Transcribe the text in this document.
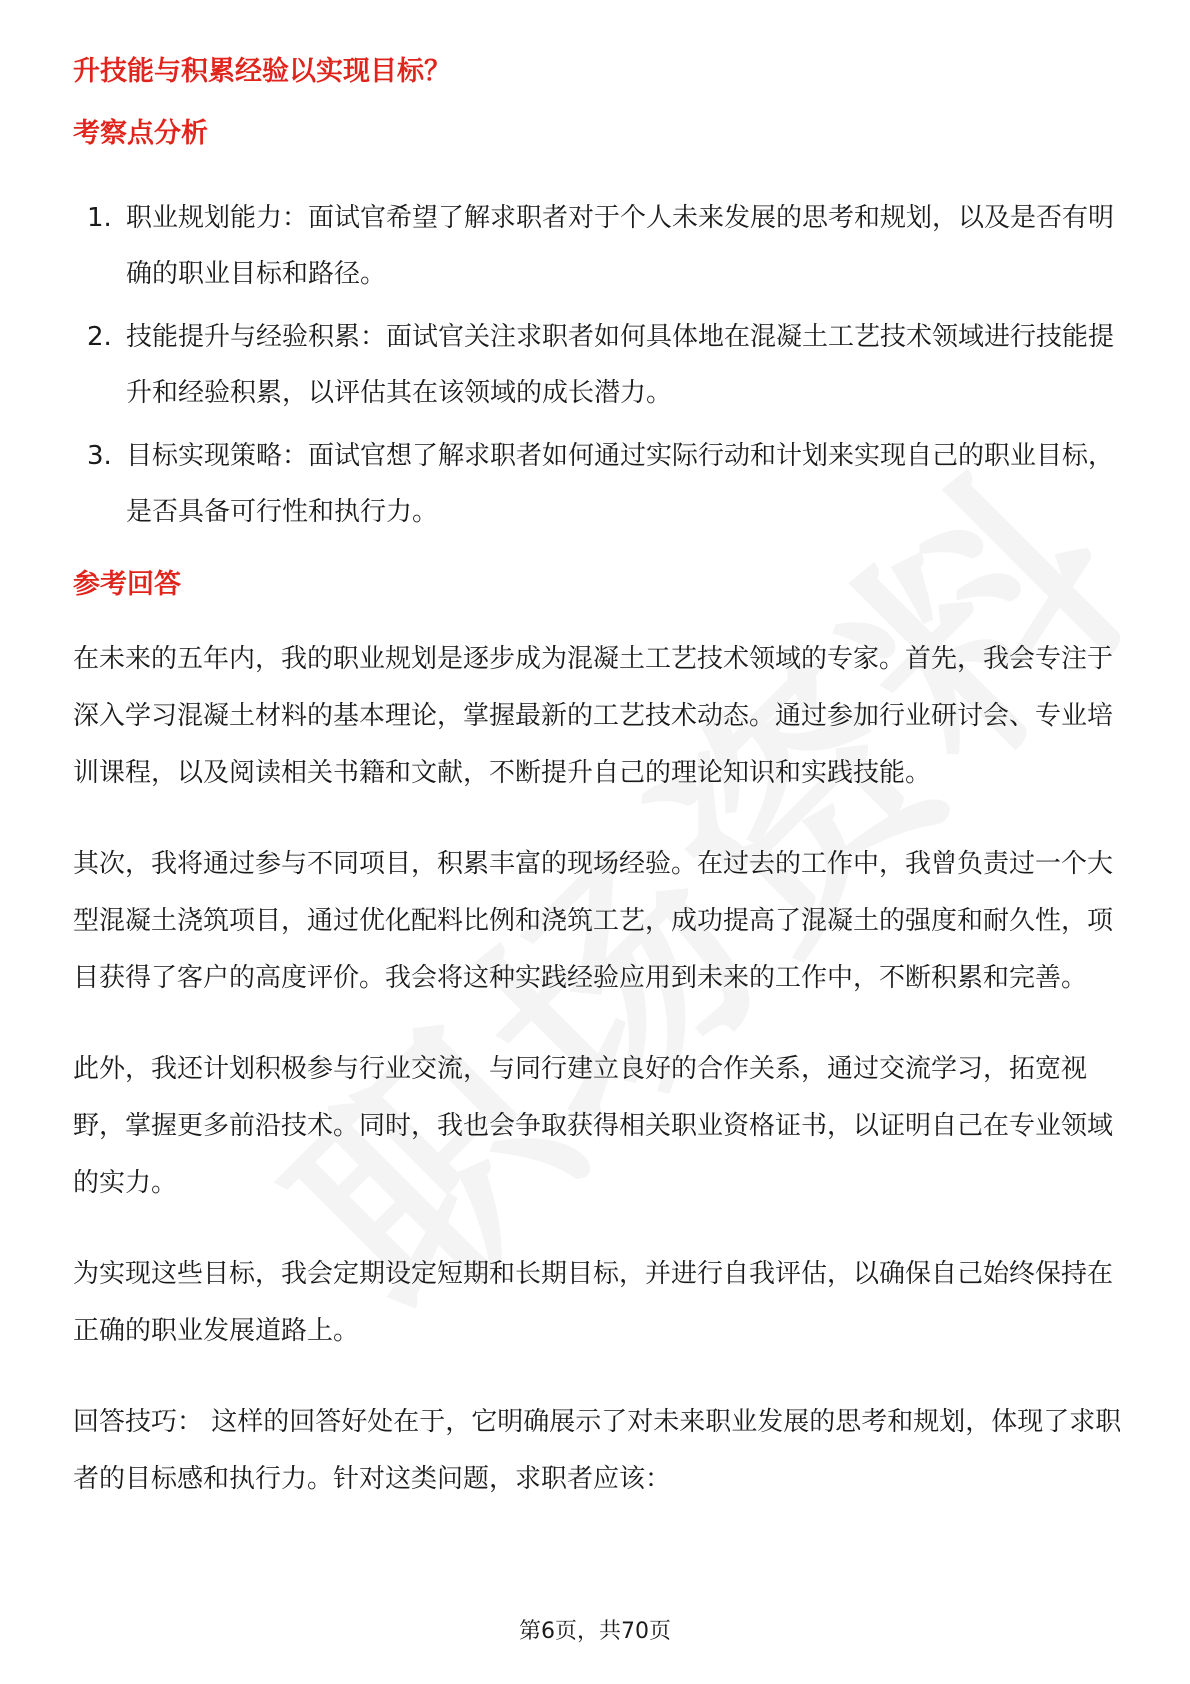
升技能与积累经验以实现目标？
考察点分析
1. 职业规划能力：面试官希望了解求职者对于个人未来发展的思考和规划，以及是否有明确的职业目标和路径。
2. 技能提升与经验积累：面试官关注求职者如何具体地在混凝土工艺技术领域进行技能提升和经验积累，以评估其在该领域的成长潜力。
3. 目标实现策略：面试官想了解求职者如何通过实际行动和计划来实现自己的职业目标，是否具备可行性和执行力。
参考回答

在未来的五年内，我的职业规划是逐步成为混凝土工艺技术领域的专家。首先，我会专注于深入学习混凝土材料的基本理论，掌握最新的工艺技术动态。通过参加行业研讨会、专业培训课程，以及阅读相关书籍和文献，不断提升自己的理论知识和实践技能。

其次，我将通过参与不同项目，积累丰富的现场经验。在过去的工作中，我曾负责过一个大型混凝土浇筑项目，通过优化配料比例和浇筑工艺，成功提高了混凝土的强度和耐久性，项目获得了客户的高度评价。我会将这种实践经验应用到未来的工作中，不断积累和完善。

此外，我还计划积极参与行业交流，与同行建立良好的合作关系，通过交流学习，拓宽视野，掌握更多前沿技术。同时，我也会争取获得相关职业资格证书，以证明自己在专业领域的实力。

为实现这些目标，我会定期设定短期和长期目标，并进行自我评估，以确保自己始终保持在正确的职业发展道路上。

回答技巧： 这样的回答好处在于，它明确展示了对未来职业发展的思考和规划，体现了求职者的目标感和执行力。针对这类问题，求职者应该：

第6页，共70页
